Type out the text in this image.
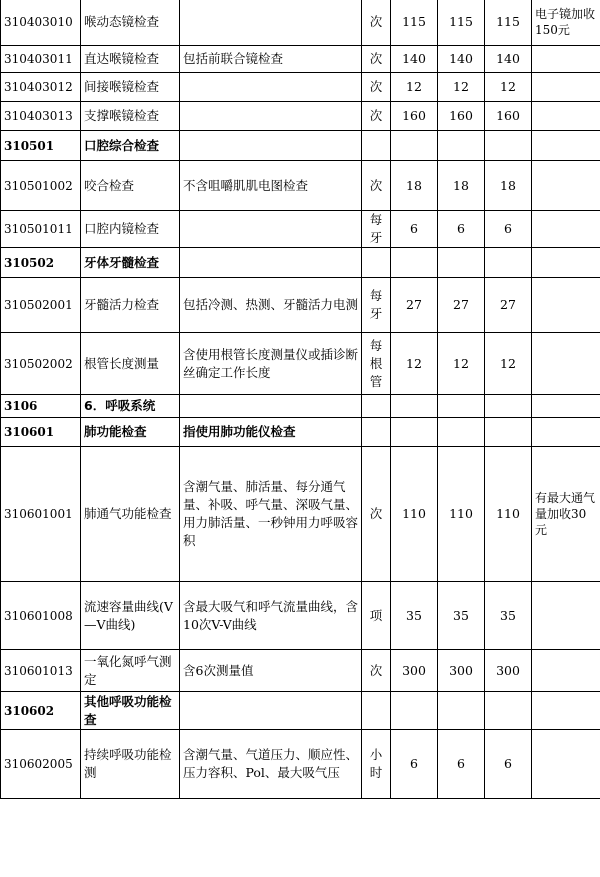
310403010	喉动态镜检查		次	115	115	115	电子镜加收150元
310403011	直达喉镜检查	包括前联合镜检查	次	140	140	140	
310403012	间接喉镜检查		次	12	12	12	
310403013	支撑喉镜检查		次	160	160	160	
310501	口腔综合检查						
310501002	咬合检查	不含咀嚼肌肌电图检查	次	18	18	18	
310501011	口腔内镜检查		每牙	6	6	6	
310502	牙体牙髓检查						
310502001	牙髓活力检查	包括冷测、热测、牙髓活力电测	每牙	27	27	27	
310502002	根管长度测量	含使用根管长度测量仪或插诊断丝确定工作长度	每根管	12	12	12	
3106	6．呼吸系统						
310601	肺功能检查	指使用肺功能仪检查					
310601001	肺通气功能检查	含潮气量、肺活量、每分通气量、补吸、呼气量、深吸气量、用力肺活量、一秒钟用力呼吸容积	次	110	110	110	有最大通气量加收30元
310601008	流速容量曲线(V—V曲线)	含最大吸气和呼气流量曲线，含10次V-V曲线	项	35	35	35	
310601013	一氧化氮呼气测定	含6次测量值	次	300	300	300	
310602	其他呼吸功能检查						
310602005	持续呼吸功能检测	含潮气量、气道压力、顺应性、压力容积、Pol、最大吸气压	小时	6	6	6	
